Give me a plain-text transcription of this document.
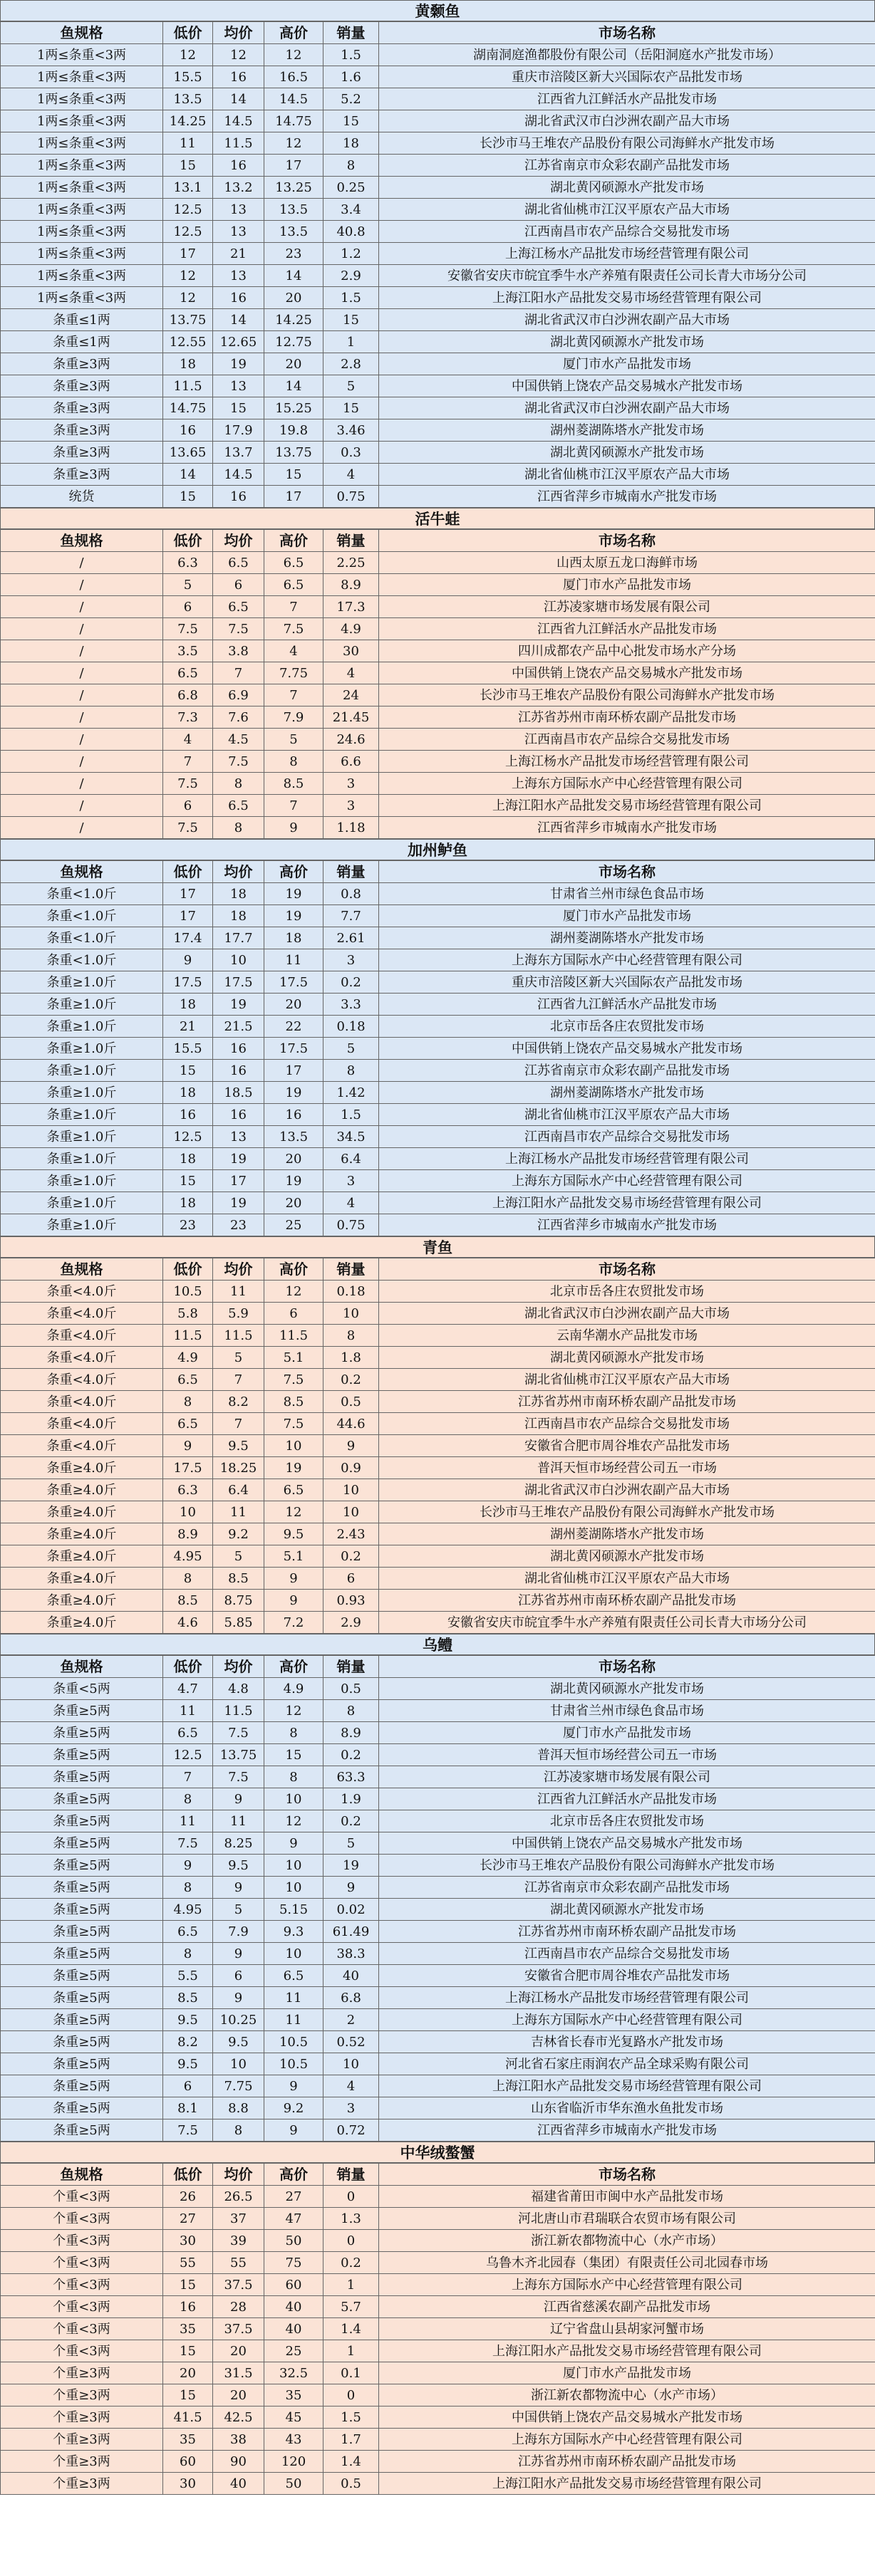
黄颡鱼
鱼规格	低价	均价	高价	销量	市场名称
1两≤条重<3两	12	12	12	1.5	湖南洞庭渔都股份有限公司（岳阳洞庭水产批发市场）
1两≤条重<3两	15.5	16	16.5	1.6	重庆市涪陵区新大兴国际农产品批发市场
1两≤条重<3两	13.5	14	14.5	5.2	江西省九江鲜活水产品批发市场
1两≤条重<3两	14.25	14.5	14.75	15	湖北省武汉市白沙洲农副产品大市场
1两≤条重<3两	11	11.5	12	18	长沙市马王堆农产品股份有限公司海鲜水产批发市场
1两≤条重<3两	15	16	17	8	江苏省南京市众彩农副产品批发市场
1两≤条重<3两	13.1	13.2	13.25	0.25	湖北黄冈硕源水产批发市场
1两≤条重<3两	12.5	13	13.5	3.4	湖北省仙桃市江汉平原农产品大市场
1两≤条重<3两	12.5	13	13.5	40.8	江西南昌市农产品综合交易批发市场
1两≤条重<3两	17	21	23	1.2	上海江杨水产品批发市场经营管理有限公司
1两≤条重<3两	12	13	14	2.9	安徽省安庆市皖宜季牛水产养殖有限责任公司长青大市场分公司
1两≤条重<3两	12	16	20	1.5	上海江阳水产品批发交易市场经营管理有限公司
条重≤1两	13.75	14	14.25	15	湖北省武汉市白沙洲农副产品大市场
条重≤1两	12.55	12.65	12.75	1	湖北黄冈硕源水产批发市场
条重≥3两	18	19	20	2.8	厦门市水产品批发市场
条重≥3两	11.5	13	14	5	中国供销上饶农产品交易城水产批发市场
条重≥3两	14.75	15	15.25	15	湖北省武汉市白沙洲农副产品大市场
条重≥3两	16	17.9	19.8	3.46	湖州菱湖陈塔水产批发市场
条重≥3两	13.65	13.7	13.75	0.3	湖北黄冈硕源水产批发市场
条重≥3两	14	14.5	15	4	湖北省仙桃市江汉平原农产品大市场
统货	15	16	17	0.75	江西省萍乡市城南水产批发市场
活牛蛙
鱼规格	低价	均价	高价	销量	市场名称
/	6.3	6.5	6.5	2.25	山西太原五龙口海鲜市场
/	5	6	6.5	8.9	厦门市水产品批发市场
/	6	6.5	7	17.3	江苏凌家塘市场发展有限公司
/	7.5	7.5	7.5	4.9	江西省九江鲜活水产品批发市场
/	3.5	3.8	4	30	四川成都农产品中心批发市场水产分场
/	6.5	7	7.75	4	中国供销上饶农产品交易城水产批发市场
/	6.8	6.9	7	24	长沙市马王堆农产品股份有限公司海鲜水产批发市场
/	7.3	7.6	7.9	21.45	江苏省苏州市南环桥农副产品批发市场
/	4	4.5	5	24.6	江西南昌市农产品综合交易批发市场
/	7	7.5	8	6.6	上海江杨水产品批发市场经营管理有限公司
/	7.5	8	8.5	3	上海东方国际水产中心经营管理有限公司
/	6	6.5	7	3	上海江阳水产品批发交易市场经营管理有限公司
/	7.5	8	9	1.18	江西省萍乡市城南水产批发市场
加州鲈鱼
鱼规格	低价	均价	高价	销量	市场名称
条重<1.0斤	17	18	19	0.8	甘肃省兰州市绿色食品市场
条重<1.0斤	17	18	19	7.7	厦门市水产品批发市场
条重<1.0斤	17.4	17.7	18	2.61	湖州菱湖陈塔水产批发市场
条重<1.0斤	9	10	11	3	上海东方国际水产中心经营管理有限公司
条重≥1.0斤	17.5	17.5	17.5	0.2	重庆市涪陵区新大兴国际农产品批发市场
条重≥1.0斤	18	19	20	3.3	江西省九江鲜活水产品批发市场
条重≥1.0斤	21	21.5	22	0.18	北京市岳各庄农贸批发市场
条重≥1.0斤	15.5	16	17.5	5	中国供销上饶农产品交易城水产批发市场
条重≥1.0斤	15	16	17	8	江苏省南京市众彩农副产品批发市场
条重≥1.0斤	18	18.5	19	1.42	湖州菱湖陈塔水产批发市场
条重≥1.0斤	16	16	16	1.5	湖北省仙桃市江汉平原农产品大市场
条重≥1.0斤	12.5	13	13.5	34.5	江西南昌市农产品综合交易批发市场
条重≥1.0斤	18	19	20	6.4	上海江杨水产品批发市场经营管理有限公司
条重≥1.0斤	15	17	19	3	上海东方国际水产中心经营管理有限公司
条重≥1.0斤	18	19	20	4	上海江阳水产品批发交易市场经营管理有限公司
条重≥1.0斤	23	23	25	0.75	江西省萍乡市城南水产批发市场
青鱼
鱼规格	低价	均价	高价	销量	市场名称
条重<4.0斤	10.5	11	12	0.18	北京市岳各庄农贸批发市场
条重<4.0斤	5.8	5.9	6	10	湖北省武汉市白沙洲农副产品大市场
条重<4.0斤	11.5	11.5	11.5	8	云南华潮水产品批发市场
条重<4.0斤	4.9	5	5.1	1.8	湖北黄冈硕源水产批发市场
条重<4.0斤	6.5	7	7.5	0.2	湖北省仙桃市江汉平原农产品大市场
条重<4.0斤	8	8.2	8.5	0.5	江苏省苏州市南环桥农副产品批发市场
条重<4.0斤	6.5	7	7.5	44.6	江西南昌市农产品综合交易批发市场
条重<4.0斤	9	9.5	10	9	安徽省合肥市周谷堆农产品批发市场
条重≥4.0斤	17.5	18.25	19	0.9	普洱天恒市场经营公司五一市场
条重≥4.0斤	6.3	6.4	6.5	10	湖北省武汉市白沙洲农副产品大市场
条重≥4.0斤	10	11	12	10	长沙市马王堆农产品股份有限公司海鲜水产批发市场
条重≥4.0斤	8.9	9.2	9.5	2.43	湖州菱湖陈塔水产批发市场
条重≥4.0斤	4.95	5	5.1	0.2	湖北黄冈硕源水产批发市场
条重≥4.0斤	8	8.5	9	6	湖北省仙桃市江汉平原农产品大市场
条重≥4.0斤	8.5	8.75	9	0.93	江苏省苏州市南环桥农副产品批发市场
条重≥4.0斤	4.6	5.85	7.2	2.9	安徽省安庆市皖宜季牛水产养殖有限责任公司长青大市场分公司
乌鳢
鱼规格	低价	均价	高价	销量	市场名称
条重<5两	4.7	4.8	4.9	0.5	湖北黄冈硕源水产批发市场
条重≥5两	11	11.5	12	8	甘肃省兰州市绿色食品市场
条重≥5两	6.5	7.5	8	8.9	厦门市水产品批发市场
条重≥5两	12.5	13.75	15	0.2	普洱天恒市场经营公司五一市场
条重≥5两	7	7.5	8	63.3	江苏凌家塘市场发展有限公司
条重≥5两	8	9	10	1.9	江西省九江鲜活水产品批发市场
条重≥5两	11	11	12	0.2	北京市岳各庄农贸批发市场
条重≥5两	7.5	8.25	9	5	中国供销上饶农产品交易城水产批发市场
条重≥5两	9	9.5	10	19	长沙市马王堆农产品股份有限公司海鲜水产批发市场
条重≥5两	8	9	10	9	江苏省南京市众彩农副产品批发市场
条重≥5两	4.95	5	5.15	0.02	湖北黄冈硕源水产批发市场
条重≥5两	6.5	7.9	9.3	61.49	江苏省苏州市南环桥农副产品批发市场
条重≥5两	8	9	10	38.3	江西南昌市农产品综合交易批发市场
条重≥5两	5.5	6	6.5	40	安徽省合肥市周谷堆农产品批发市场
条重≥5两	8.5	9	11	6.8	上海江杨水产品批发市场经营管理有限公司
条重≥5两	9.5	10.25	11	2	上海东方国际水产中心经营管理有限公司
条重≥5两	8.2	9.5	10.5	0.52	吉林省长春市光复路水产批发市场
条重≥5两	9.5	10	10.5	10	河北省石家庄雨润农产品全球采购有限公司
条重≥5两	6	7.75	9	4	上海江阳水产品批发交易市场经营管理有限公司
条重≥5两	8.1	8.8	9.2	3	山东省临沂市华东渔水鱼批发市场
条重≥5两	7.5	8	9	0.72	江西省萍乡市城南水产批发市场
中华绒螯蟹
鱼规格	低价	均价	高价	销量	市场名称
个重<3两	26	26.5	27	0	福建省莆田市闽中水产品批发市场
个重<3两	27	37	47	1.3	河北唐山市君瑞联合农贸市场有限公司
个重<3两	30	39	50	0	浙江新农都物流中心（水产市场）
个重<3两	55	55	75	0.2	乌鲁木齐北园春（集团）有限责任公司北园春市场
个重<3两	15	37.5	60	1	上海东方国际水产中心经营管理有限公司
个重<3两	16	28	40	5.7	江西省慈溪农副产品批发市场
个重<3两	35	37.5	40	1.4	辽宁省盘山县胡家河蟹市场
个重<3两	15	20	25	1	上海江阳水产品批发交易市场经营管理有限公司
个重≥3两	20	31.5	32.5	0.1	厦门市水产品批发市场
个重≥3两	15	20	35	0	浙江新农都物流中心（水产市场）
个重≥3两	41.5	42.5	45	1.5	中国供销上饶农产品交易城水产批发市场
个重≥3两	35	38	43	1.7	上海东方国际水产中心经营管理有限公司
个重≥3两	60	90	120	1.4	江苏省苏州市南环桥农副产品批发市场
个重≥3两	30	40	50	0.5	上海江阳水产品批发交易市场经营管理有限公司
